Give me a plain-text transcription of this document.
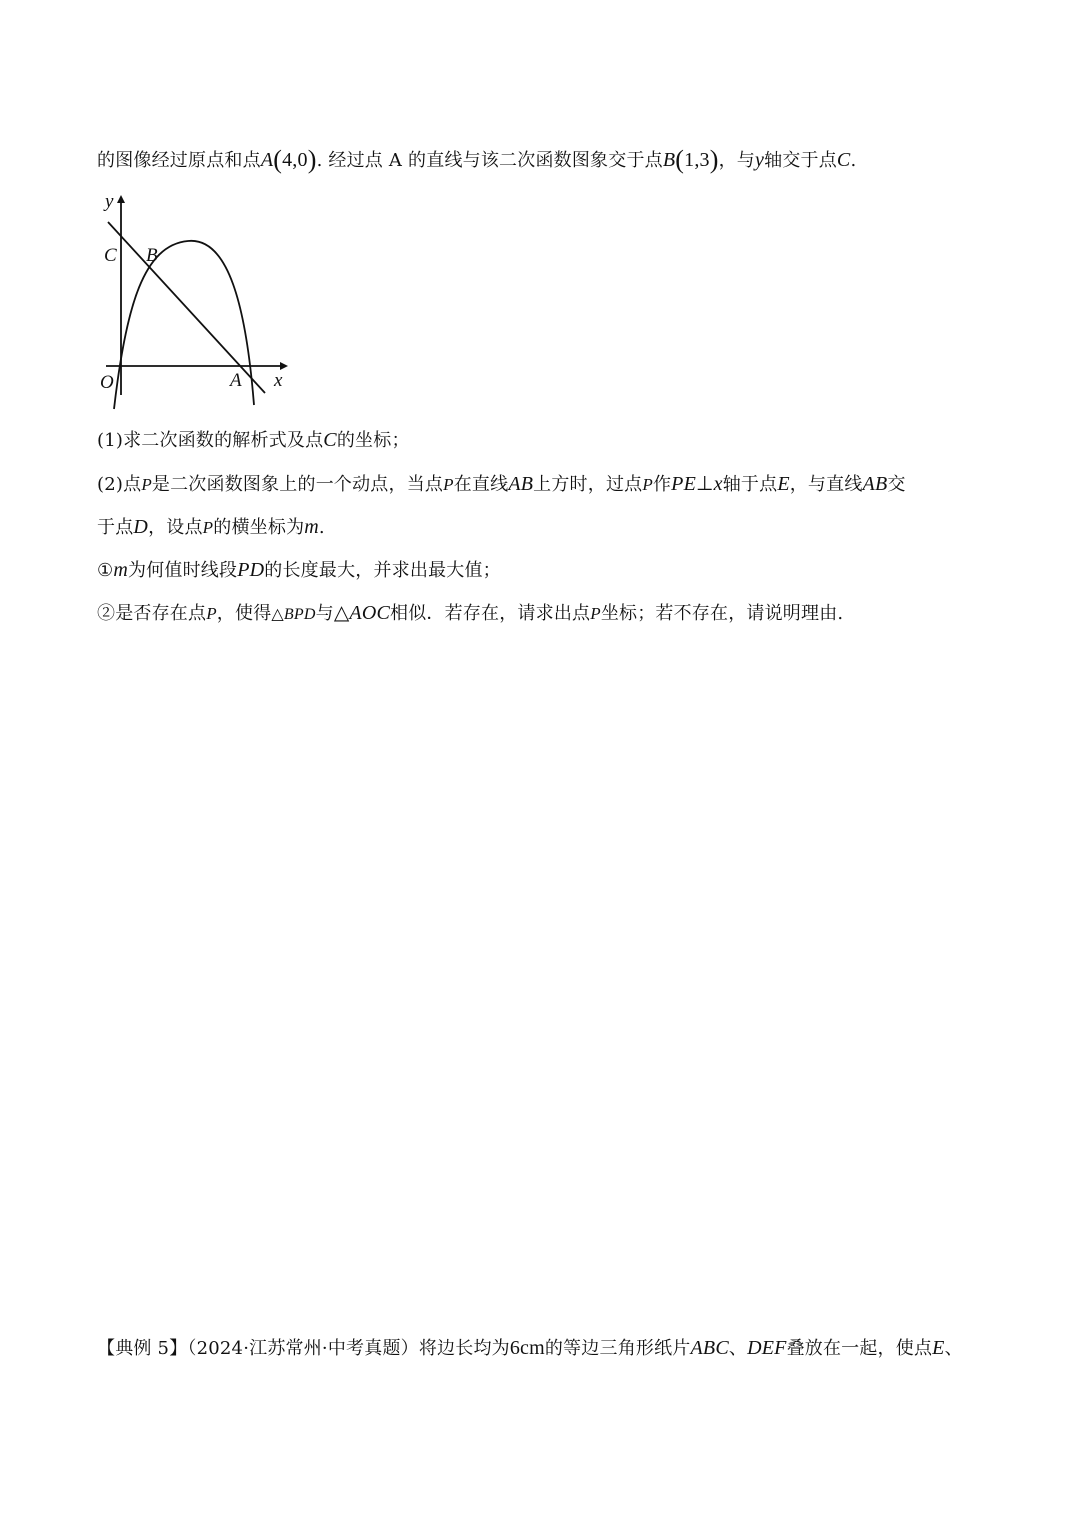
的图像经过原点和点A(4,0). 经过点 A 的直线与该二次函数图象交于点B(1,3)，与y轴交于点C.
y
C B
O	A x
(1)求二次函数的解析式及点C的坐标；
(2)点P是二次函数图象上的一个动点，当点P在直线AB上方时，过点P作PE⊥x轴于点E，与直线AB交
于点D，设点P的横坐标为m.
①m为何值时线段PD的长度最大，并求出最大值；
②是否存在点P，使得△BPD与△AOC相似．若存在，请求出点P坐标；若不存在，请说明理由.
【典例 5】（2024·江苏常州·中考真题）将边长均为6cm的等边三角形纸片ABC、DEF叠放在一起，使点E、
